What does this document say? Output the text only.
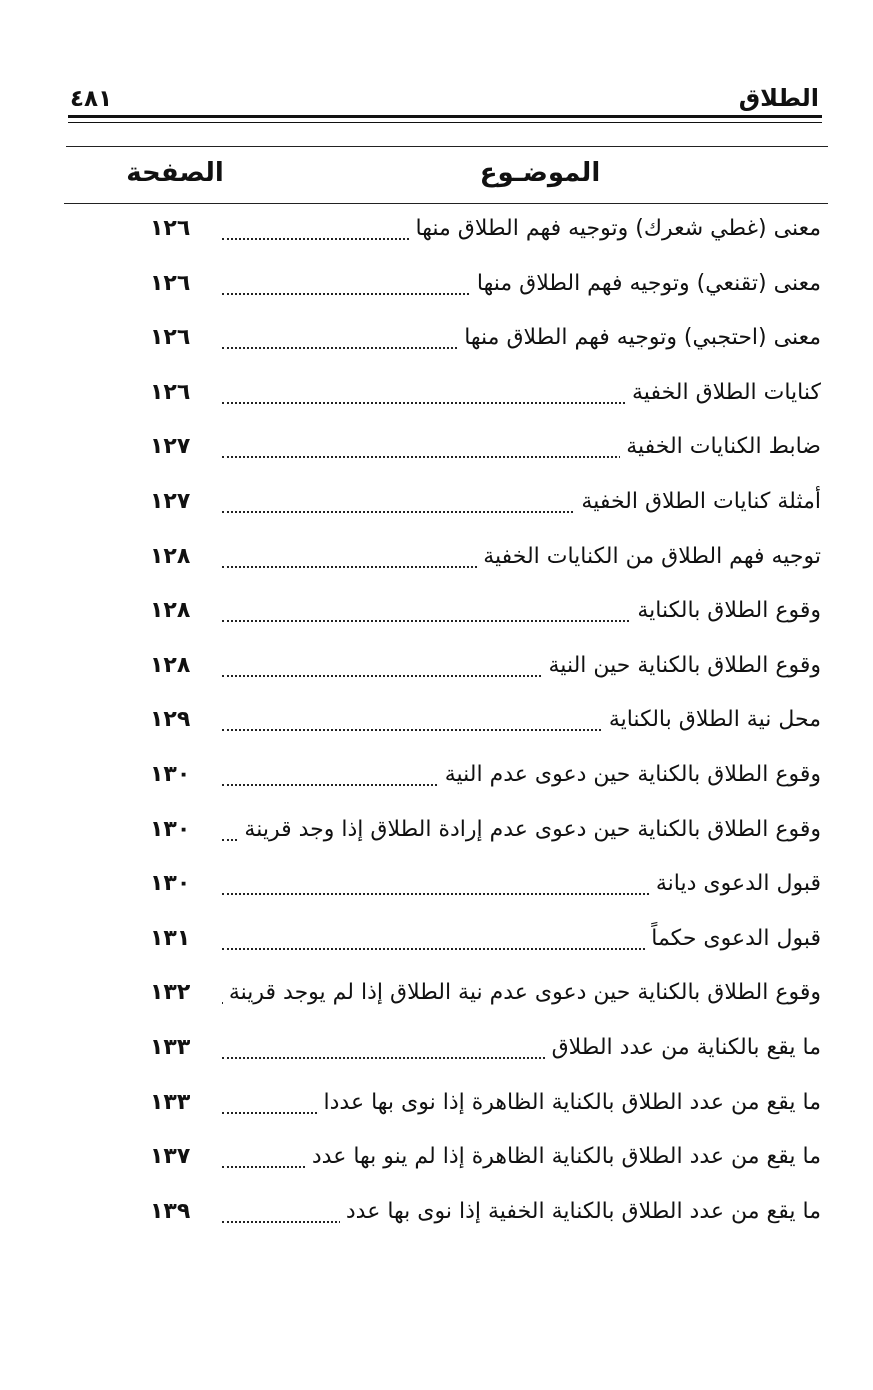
الطلاق
٤٨١
الموضـوع
الصفحة
معنى (غطي شعرك) وتوجيه فهم الطلاق منها
١٢٦
معنى (تقنعي) وتوجيه فهم الطلاق منها
١٢٦
معنى (احتجبي) وتوجيه فهم الطلاق منها
١٢٦
كنايات الطلاق الخفية
١٢٦
ضابط الكنايات الخفية
١٢٧
أمثلة كنايات الطلاق الخفية
١٢٧
توجيه فهم الطلاق من الكنايات الخفية
١٢٨
وقوع الطلاق بالكناية
١٢٨
وقوع الطلاق بالكناية حين النية
١٢٨
محل نية الطلاق بالكناية
١٢٩
وقوع الطلاق بالكناية حين دعوى عدم النية
١٣٠
وقوع الطلاق بالكناية حين دعوى عدم إرادة الطلاق إذا وجد قرينة
١٣٠
قبول الدعوى ديانة
١٣٠
قبول الدعوى حكماً
١٣١
وقوع الطلاق بالكناية حين دعوى عدم نية الطلاق إذا لم يوجد قرينة
١٣٢
ما يقع بالكناية من عدد الطلاق
١٣٣
ما يقع من عدد الطلاق بالكناية الظاهرة إذا نوى بها عددا
١٣٣
ما يقع من عدد الطلاق بالكناية الظاهرة إذا لم ينو بها عدد
١٣٧
ما يقع من عدد الطلاق بالكناية الخفية إذا نوى بها عدد
١٣٩
